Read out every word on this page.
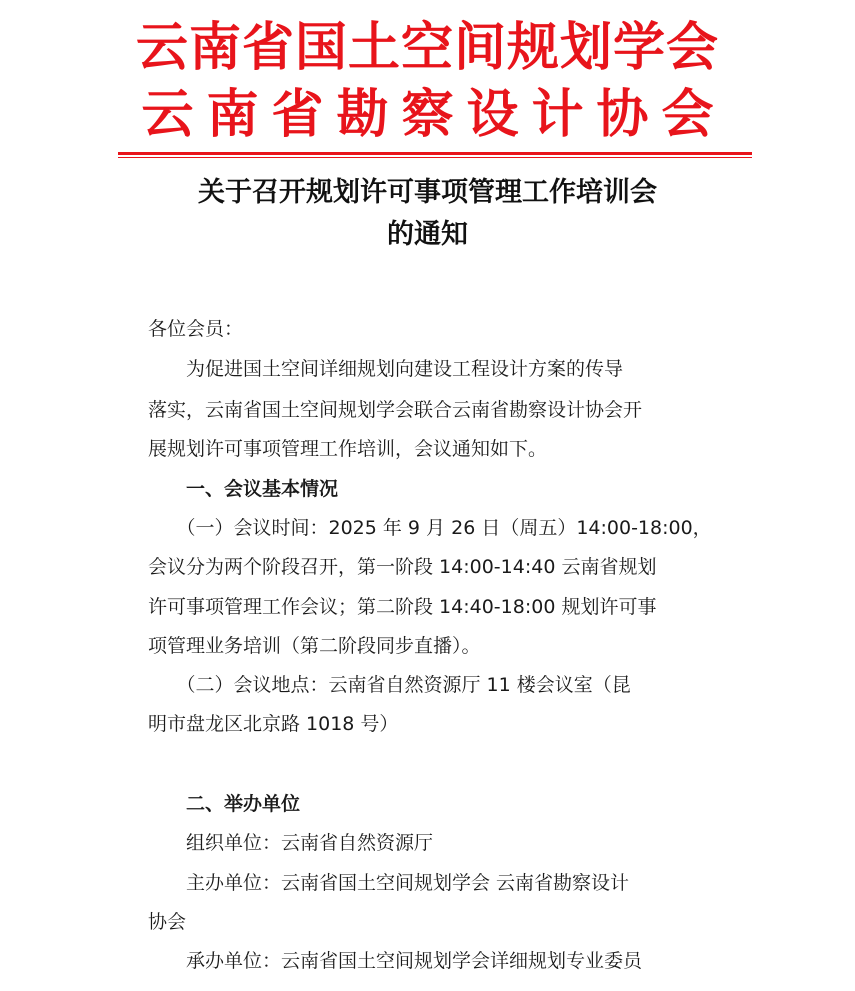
云南省国土空间规划学会
云南省勘察设计协会
关于召开规划许可事项管理工作培训会
的通知
各位会员：
　　为促进国土空间详细规划向建设工程设计方案的传导
落实，云南省国土空间规划学会联合云南省勘察设计协会开
展规划许可事项管理工作培训，会议通知如下。
　　一、会议基本情况
　　（一）会议时间：2025 年 9 月 26 日（周五）14:00-18:00，
会议分为两个阶段召开，第一阶段 14:00-14:40 云南省规划
许可事项管理工作会议；第二阶段 14:40-18:00 规划许可事
项管理业务培训（第二阶段同步直播）。
　　（二）会议地点：云南省自然资源厅 11 楼会议室（昆
明市盘龙区北京路 1018 号）
　　二、举办单位
　　组织单位：云南省自然资源厅
　　主办单位：云南省国土空间规划学会 云南省勘察设计
协会
　　承办单位：云南省国土空间规划学会详细规划专业委员
